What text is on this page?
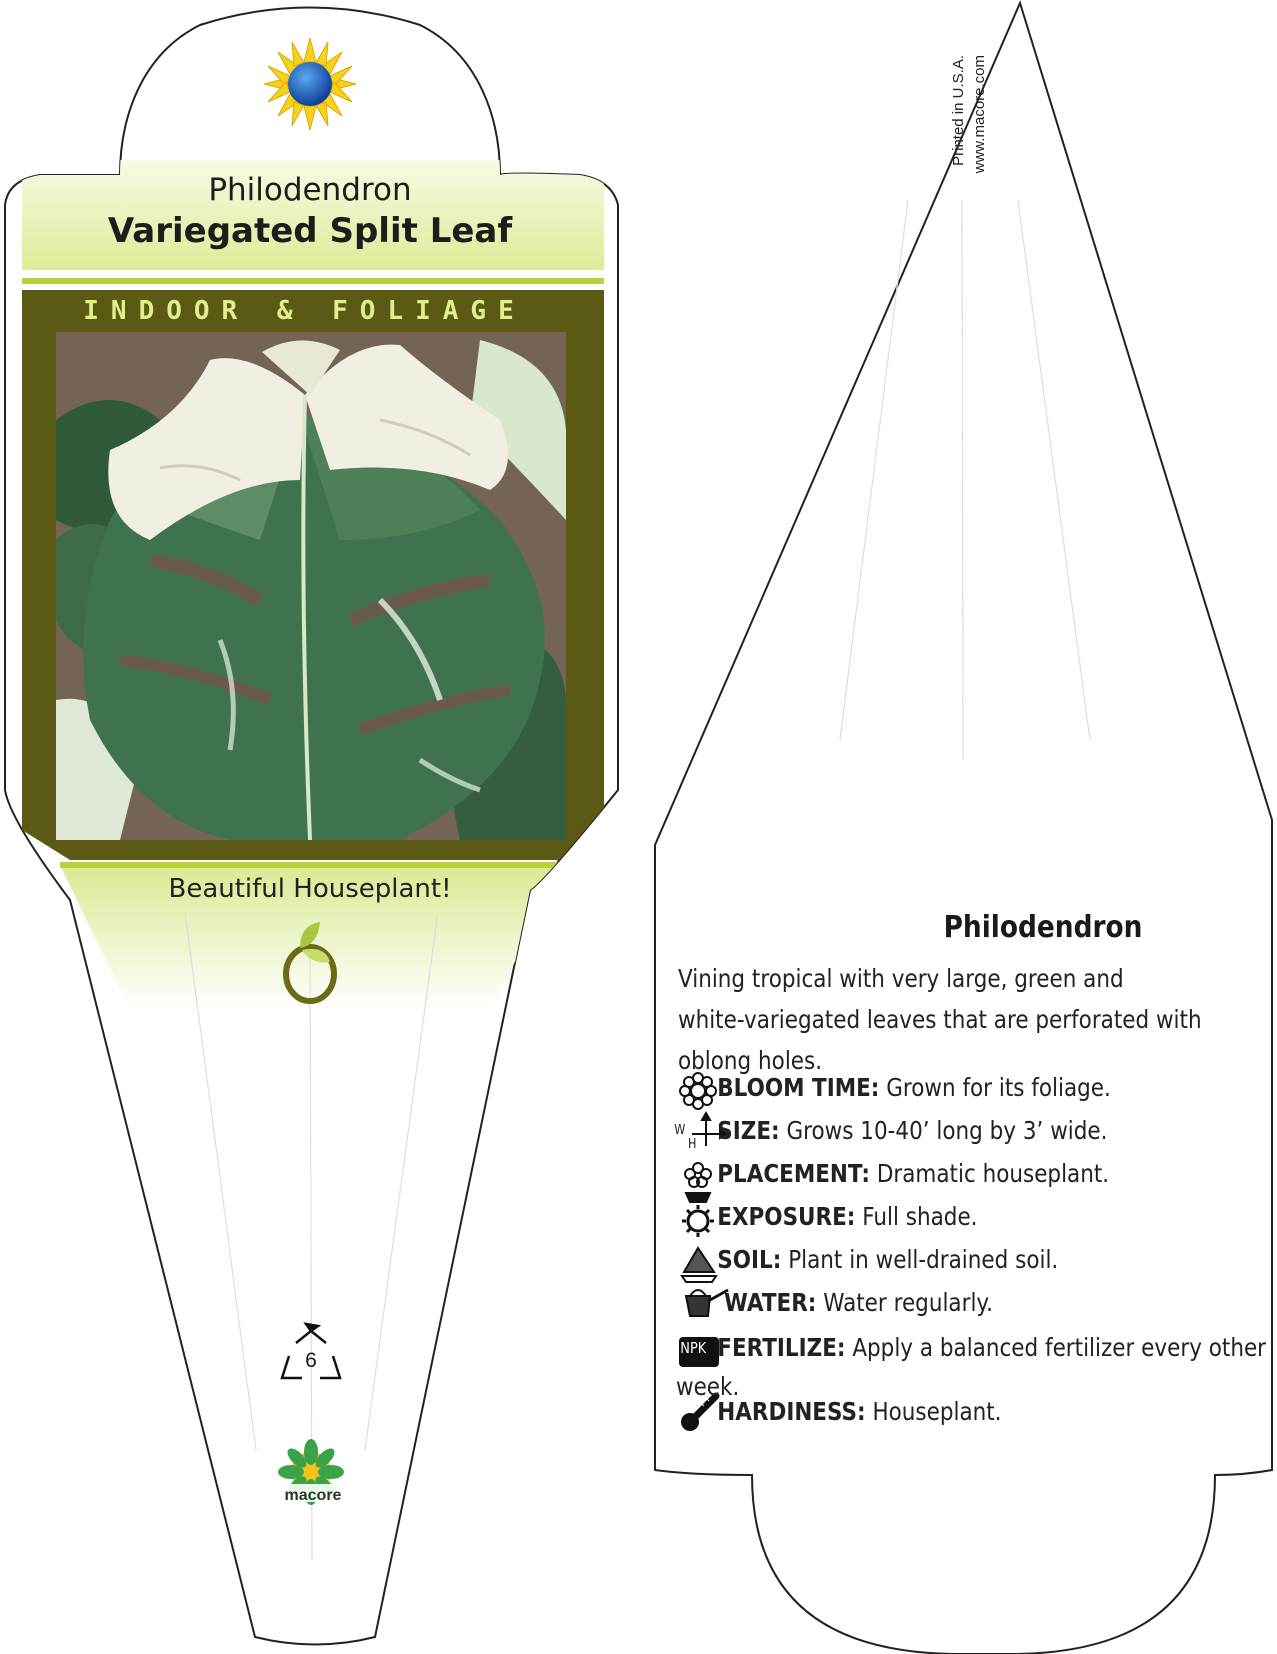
Philodendron
Variegated Split Leaf
INDOOR & FOLIAGE
Beautiful Houseplant!
6
macore
Printed in U.S.A. www.macore.com
Philodendron
Vining tropical with very large, green and
white-variegated leaves that are perforated with
oblong holes.
BLOOM TIME: Grown for its foliage.
W
H SIZE: Grows 10-40’ long by 3’ wide.
PLACEMENT: Dramatic houseplant.
EXPOSURE: Full shade.
SOIL: Plant in well-drained soil.
WATER: Water regularly.
NPK FERTILIZE: Apply a balanced fertilizer every other
week.
HARDINESS: Houseplant.
